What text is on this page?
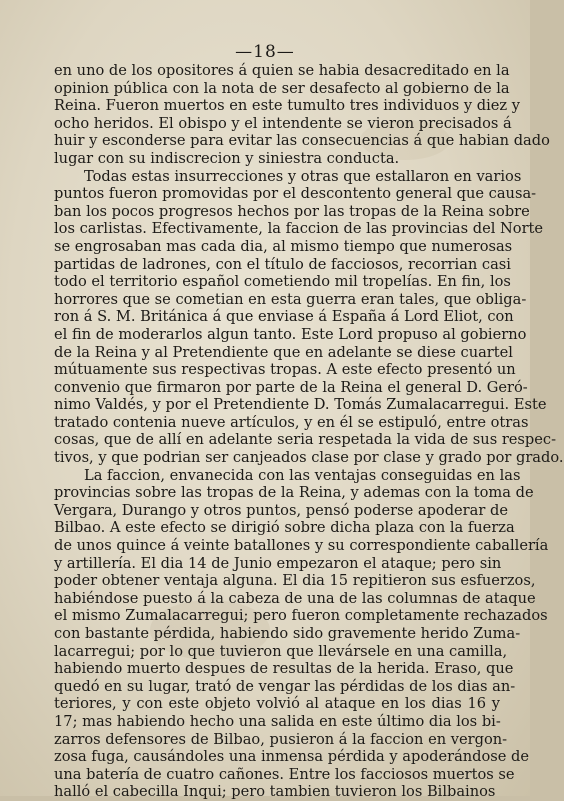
—18—
en uno de los opositores á quien se habia desacreditado en la
opinion pública con la nota de ser desafecto al gobierno de la
Reina. Fueron muertos en este tumulto tres individuos y diez y
ocho heridos. El obispo y el intendente se vieron precisados á
huir y esconderse para evitar las consecuencias á que habian dado
lugar con su indiscrecion y siniestra conducta.
Todas estas insurrecciones y otras que estallaron en varios
puntos fueron promovidas por el descontento general que causa-
ban los pocos progresos hechos por las tropas de la Reina sobre
los carlistas. Efectivamente, la faccion de las provincias del Norte
se engrosaban mas cada dia, al mismo tiempo que numerosas
partidas de ladrones, con el título de facciosos, recorrian casi
todo el territorio español cometiendo mil tropelías. En fin, los
horrores que se cometian en esta guerra eran tales, que obliga-
ron á S. M. Británica á que enviase á España á Lord Eliot, con
el fin de moderarlos algun tanto. Este Lord propuso al gobierno
de la Reina y al Pretendiente que en adelante se diese cuartel
mútuamente sus respectivas tropas. A este efecto presentó un
convenio que firmaron por parte de la Reina el general D. Geró-
nimo Valdés, y por el Pretendiente D. Tomás Zumalacarregui. Este
tratado contenia nueve artículos, y en él se estipuló, entre otras
cosas, que de allí en adelante seria respetada la vida de sus respec-
tivos, y que podrian ser canjeados clase por clase y grado por grado.
La faccion, envanecida con las ventajas conseguidas en las
provincias sobre las tropas de la Reina, y ademas con la toma de
Vergara, Durango y otros puntos, pensó poderse apoderar de
Bilbao. A este efecto se dirigió sobre dicha plaza con la fuerza
de unos quince á veinte batallones y su correspondiente caballería
y artillería. El dia 14 de Junio empezaron el ataque; pero sin
poder obtener ventaja alguna. El dia 15 repitieron sus esfuerzos,
habiéndose puesto á la cabeza de una de las columnas de ataque
el mismo Zumalacarregui; pero fueron completamente rechazados
con bastante pérdida, habiendo sido gravemente herido Zuma-
lacarregui; por lo que tuvieron que llevársele en una camilla,
habiendo muerto despues de resultas de la herida. Eraso, que
quedó en su lugar, trató de vengar las pérdidas de los dias an-
teriores, y con este objeto volvió al ataque en los dias 16 y
17; mas habiendo hecho una salida en este último dia los bi-
zarros defensores de Bilbao, pusieron á la faccion en vergon-
zosa fuga, causándoles una inmensa pérdida y apoderándose de
una batería de cuatro cañones. Entre los facciosos muertos se
halló el cabecilla Inqui; pero tambien tuvieron los Bilbainos
